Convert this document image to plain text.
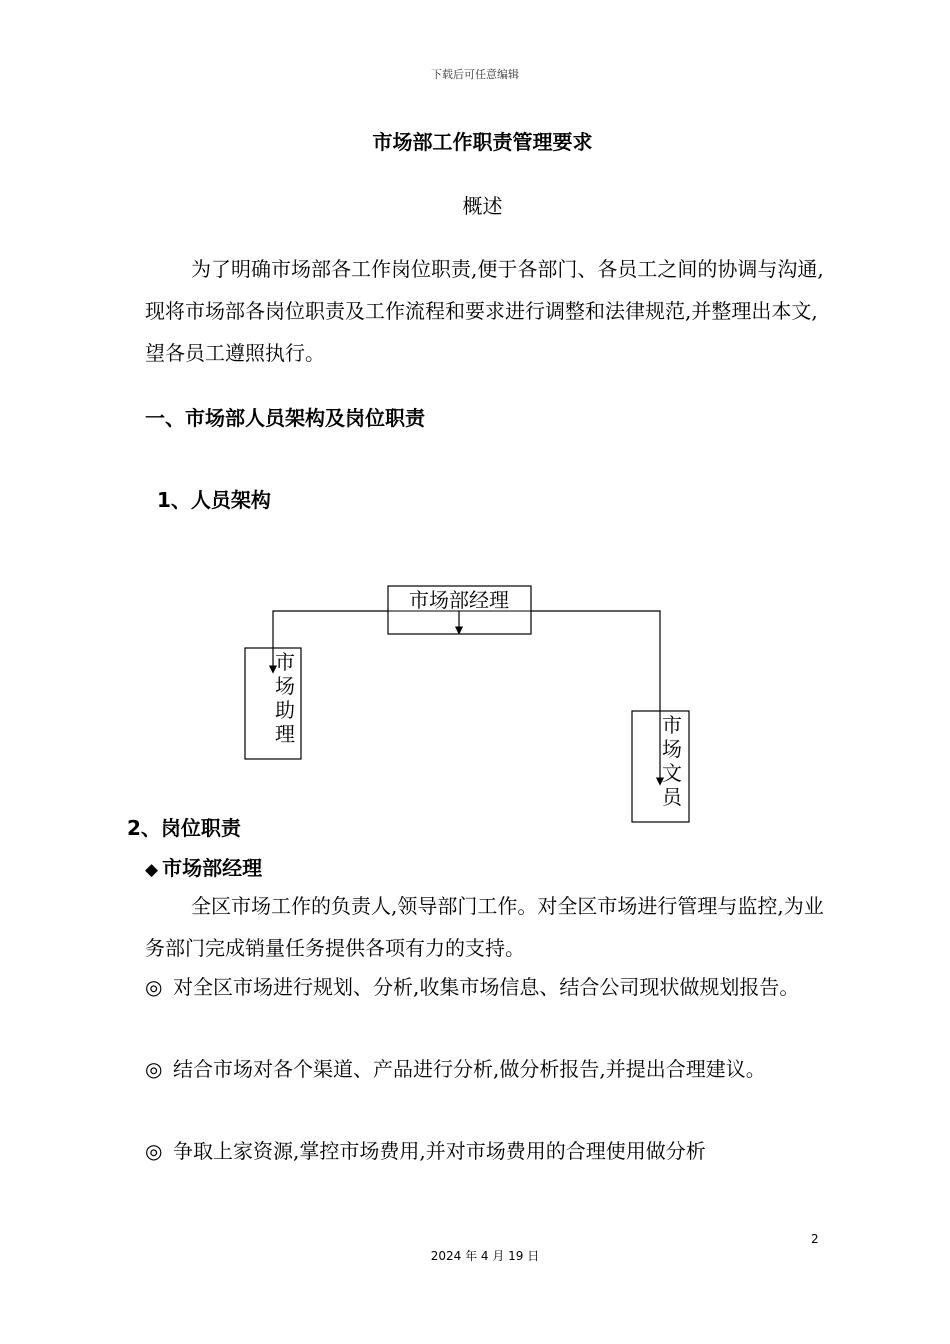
下载后可任意编辑
市场部工作职责管理要求
概述
为了明确市场部各工作岗位职责,便于各部门、各员工之间的协调与沟通,现将市场部各岗位职责及工作流程和要求进行调整和法律规范,并整理出本文,望各员工遵照执行。
一、市场部人员架构及岗位职责
1、人员架构
市场部经理
市
场
助
理	市
场
文
员
2、岗位职责
◆ 市场部经理
全区市场工作的负责人,领导部门工作。对全区市场进行管理与监控,为业务部门完成销量任务提供各项有力的支持。
◎ 对全区市场进行规划、分析,收集市场信息、结合公司现状做规划报告。
◎ 结合市场对各个渠道、产品进行分析,做分析报告,并提出合理建议。
◎ 争取上家资源,掌控市场费用,并对市场费用的合理使用做分析
2
2024 年 4 月 19 日
